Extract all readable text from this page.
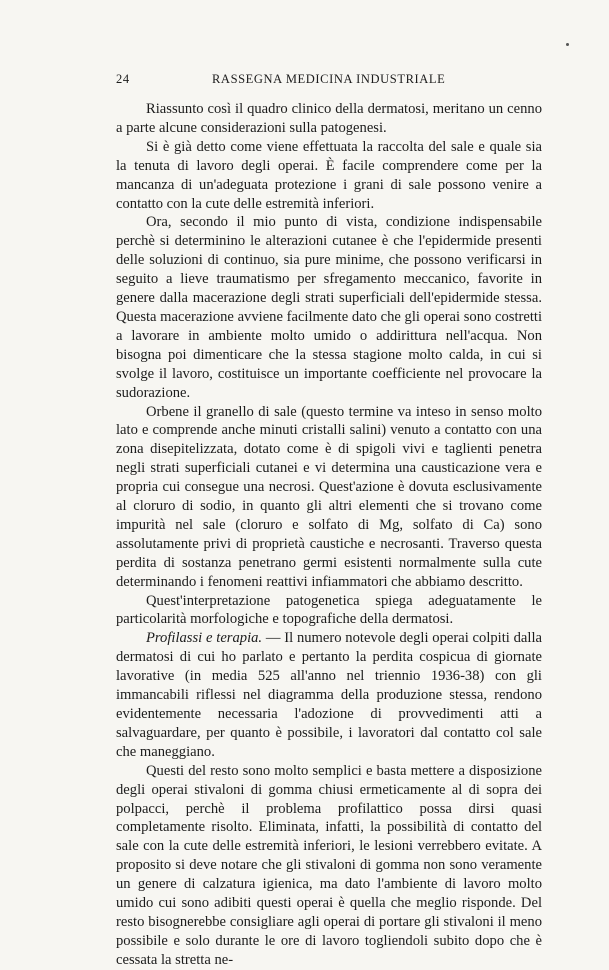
24	RASSEGNA MEDICINA INDUSTRIALE

Riassunto così il quadro clinico della dermatosi, meritano un cenno a parte alcune considerazioni sulla patogenesi.

Si è già detto come viene effettuata la raccolta del sale e quale sia la tenuta di lavoro degli operai. È facile comprendere come per la mancanza di un'adeguata protezione i grani di sale possono venire a contatto con la cute delle estremità inferiori.

Ora, secondo il mio punto di vista, condizione indispensabile perchè si determinino le alterazioni cutanee è che l'epidermide presenti delle soluzioni di continuo, sia pure minime, che possono verificarsi in seguito a lieve traumatismo per sfregamento meccanico, favorite in genere dalla macerazione degli strati superficiali dell'epidermide stessa. Questa macerazione avviene facilmente dato che gli operai sono costretti a lavorare in ambiente molto umido o addirittura nell'acqua. Non bisogna poi dimenticare che la stessa stagione molto calda, in cui si svolge il lavoro, costituisce un importante coefficiente nel provocare la sudorazione.

Orbene il granello di sale (questo termine va inteso in senso molto lato e comprende anche minuti cristalli salini) venuto a contatto con una zona disepitelizzata, dotato come è di spigoli vivi e taglienti penetra negli strati superficiali cutanei e vi determina una causticazione vera e propria cui consegue una necrosi. Quest'azione è dovuta esclusivamente al cloruro di sodio, in quanto gli altri elementi che si trovano come impurità nel sale (cloruro e solfato di Mg, solfato di Ca) sono assolutamente privi di proprietà caustiche e necrosanti. Traverso questa perdita di sostanza penetrano germi esistenti normalmente sulla cute determinando i fenomeni reattivi infiammatori che abbiamo descritto.

Quest'interpretazione patogenetica spiega adeguatamente le particolarità morfologiche e topografiche della dermatosi.

Profilassi e terapia. — Il numero notevole degli operai colpiti dalla dermatosi di cui ho parlato e pertanto la perdita cospicua di giornate lavorative (in media 525 all'anno nel triennio 1936-38) con gli immancabili riflessi nel diagramma della produzione stessa, rendono evidentemente necessaria l'adozione di provvedimenti atti a salvaguardare, per quanto è possibile, i lavoratori dal contatto col sale che maneggiano.

Questi del resto sono molto semplici e basta mettere a disposizione degli operai stivaloni di gomma chiusi ermeticamente al di sopra dei polpacci, perchè il problema profilattico possa dirsi quasi completamente risolto. Eliminata, infatti, la possibilità di contatto del sale con la cute delle estremità inferiori, le lesioni verrebbero evitate. A proposito si deve notare che gli stivaloni di gomma non sono veramente un genere di calzatura igienica, ma dato l'ambiente di lavoro molto umido cui sono adibiti questi operai è quella che meglio risponde. Del resto bisognerebbe consigliare agli operai di portare gli stivaloni il meno possibile e solo durante le ore di lavoro togliendoli subito dopo che è cessata la stretta ne-
